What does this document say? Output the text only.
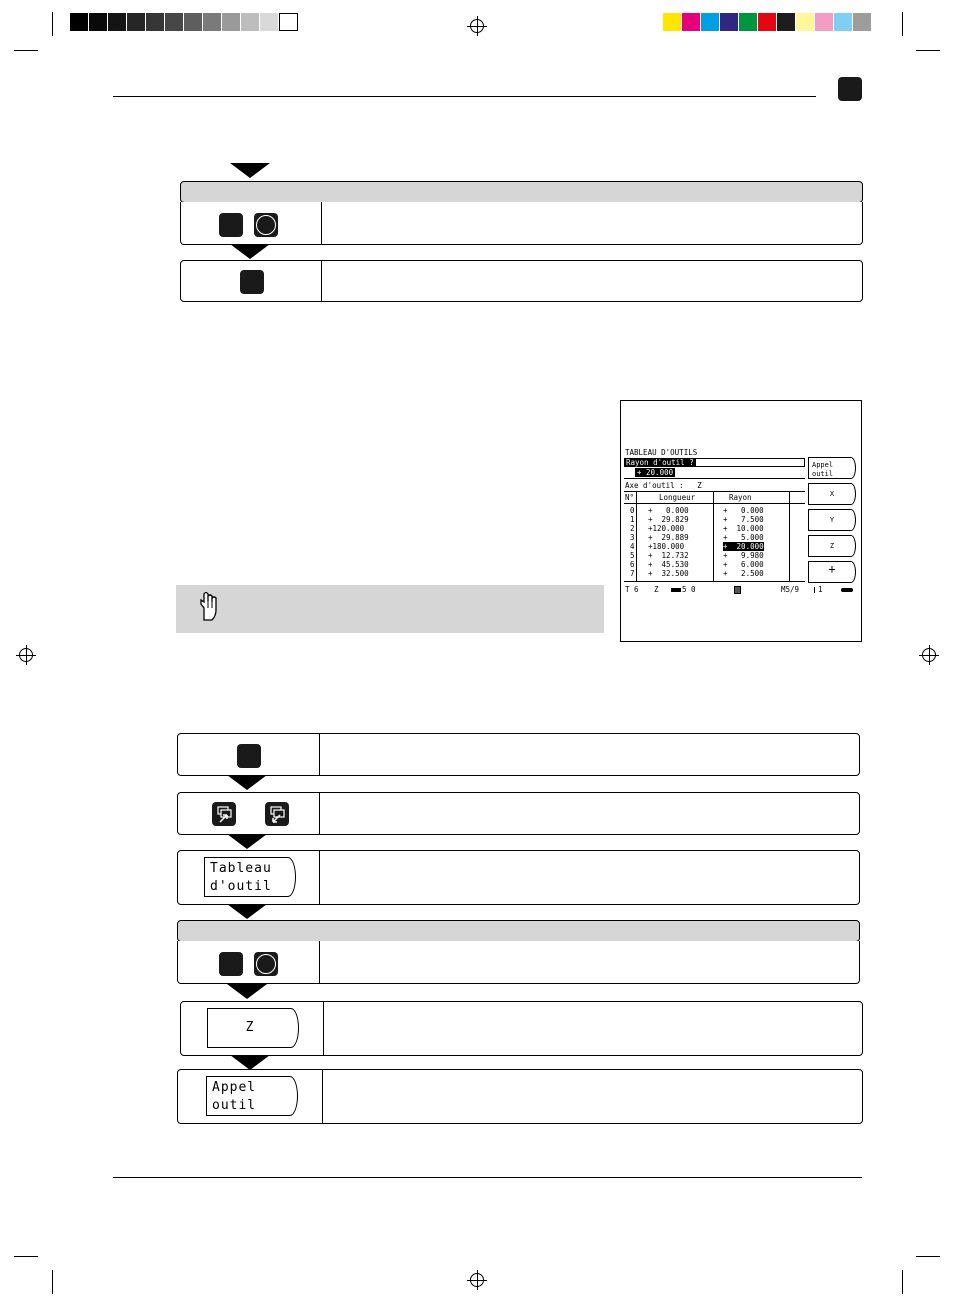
TABLEAU D'OUTILS
Rayon d'outil ?
+ 20.000
Axe d'outil :   Z
N°	Longueur	Rayon
0 +   0.000	+   0.000
1 +  29.829	+   7.500
2 +120.000	+  10.000
3 +  29.889	+   5.000
4 +180.000	+  20.000
5 +  12.732	+   9.980
6 +  45.530	+   6.000
7 +  32.500	+   2.500
Appel
outil
X
Y
Z
+
T 6 Z	5 0	M5/9	1
Tableau
d'outil
Z
Appel
outil
